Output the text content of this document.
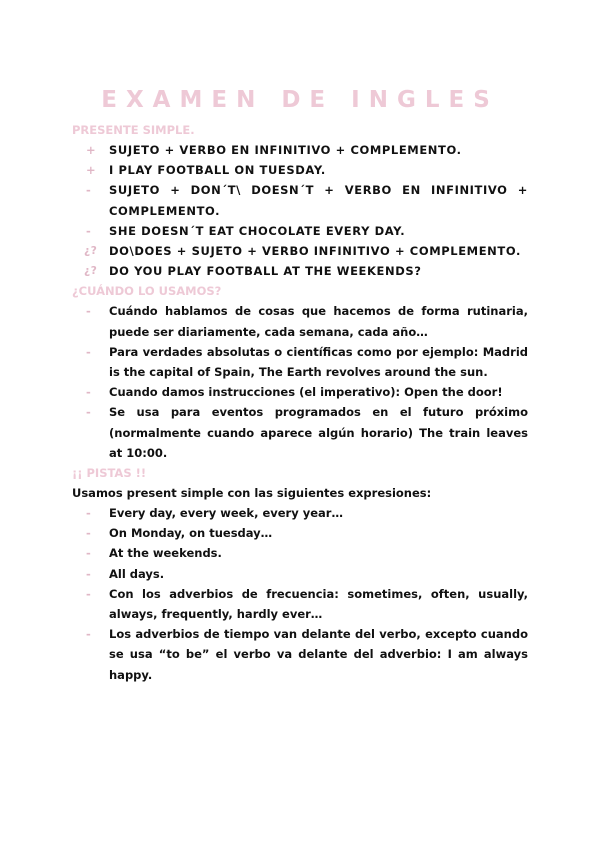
EXAMEN DE INGLES

PRESENTE SIMPLE.

+	SUJETO + VERBO EN INFINITIVO + COMPLEMENTO.
+	I PLAY FOOTBALL ON TUESDAY.
-	SUJETO + DON´T\ DOESN´T + VERBO EN INFINITIVO + COMPLEMENTO.
-	SHE DOESN´T EAT CHOCOLATE EVERY DAY.
¿?	DO\DOES + SUJETO + VERBO INFINITIVO + COMPLEMENTO.
¿?	DO YOU PLAY FOOTBALL AT THE WEEKENDS?

¿CUÁNDO LO USAMOS?

-	Cuándo hablamos de cosas que hacemos de forma rutinaria, puede ser diariamente, cada semana, cada año…
-	Para verdades absolutas o científicas como por ejemplo: Madrid is the capital of Spain, The Earth revolves around the sun.
-	Cuando damos instrucciones (el imperativo): Open the door!
-	Se usa para eventos programados en el futuro próximo (normalmente cuando aparece algún horario) The train leaves at 10:00.

¡¡ PISTAS !!

Usamos present simple con las siguientes expresiones:

-	Every day, every week, every year…
-	On Monday, on tuesday…
-	At the weekends.
-	All days.
-	Con los adverbios de frecuencia: sometimes, often, usually, always, frequently, hardly ever…
-	Los adverbios de tiempo van delante del verbo, excepto cuando se usa “to be” el verbo va delante del adverbio: I am always happy.
